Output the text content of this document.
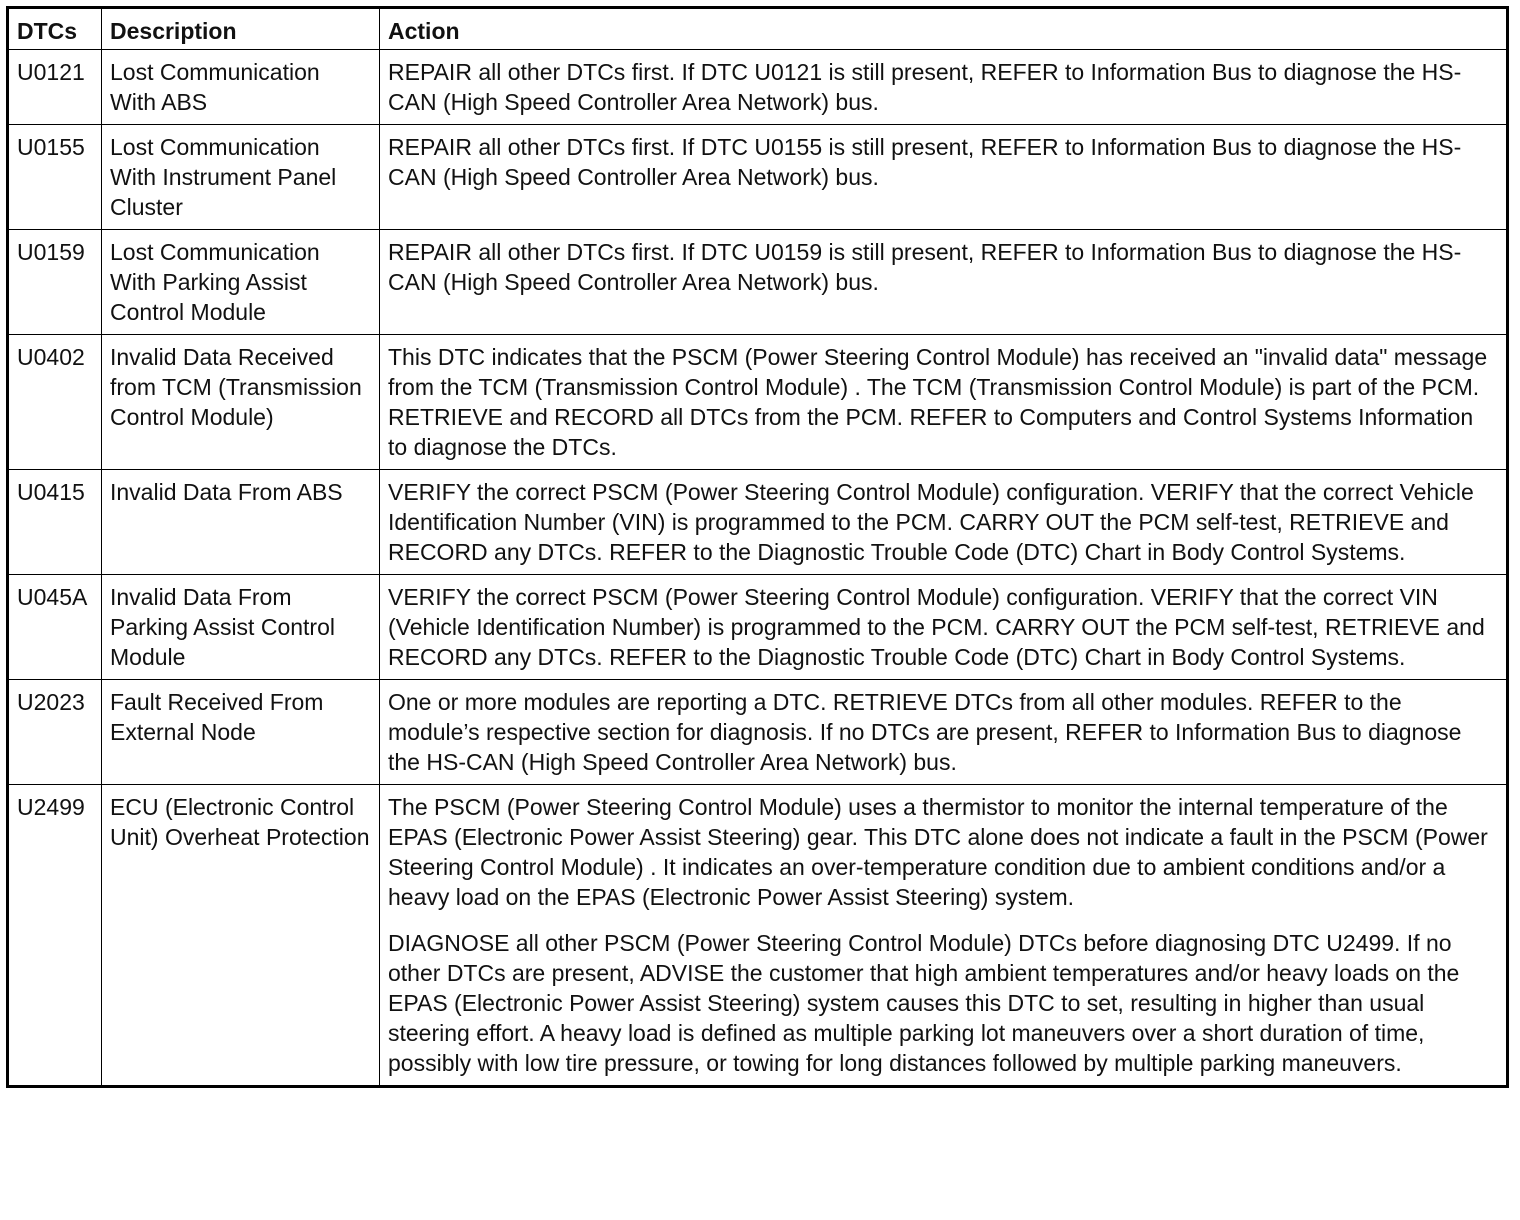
DTCs	Description	Action
U0121	Lost Communication With ABS	REPAIR all other DTCs first. If DTC U0121 is still present, REFER to Information Bus to diagnose the HS-CAN (High Speed Controller Area Network) bus.

U0155	Lost Communication With Instrument Panel Cluster	REPAIR all other DTCs first. If DTC U0155 is still present, REFER to Information Bus to diagnose the HS-CAN (High Speed Controller Area Network) bus.

U0159	Lost Communication With Parking Assist Control Module	REPAIR all other DTCs first. If DTC U0159 is still present, REFER to Information Bus to diagnose the HS-CAN (High Speed Controller Area Network) bus.

U0402	Invalid Data Received from TCM (Transmission Control Module)	This DTC indicates that the PSCM (Power Steering Control Module) has received an "invalid data" message from the TCM (Transmission Control Module) . The TCM (Transmission Control Module) is part of the PCM. RETRIEVE and RECORD all DTCs from the PCM. REFER to Computers and Control Systems Information to diagnose the DTCs.

U0415	Invalid Data From ABS	VERIFY the correct PSCM (Power Steering Control Module) configuration. VERIFY that the correct Vehicle Identification Number (VIN) is programmed to the PCM. CARRY OUT the PCM self-test, RETRIEVE and RECORD any DTCs. REFER to the Diagnostic Trouble Code (DTC) Chart in Body Control Systems.

U045A	Invalid Data From Parking Assist Control Module	VERIFY the correct PSCM (Power Steering Control Module) configuration. VERIFY that the correct VIN (Vehicle Identification Number) is programmed to the PCM. CARRY OUT the PCM self-test, RETRIEVE and RECORD any DTCs. REFER to the Diagnostic Trouble Code (DTC) Chart in Body Control Systems.

U2023	Fault Received From External Node	One or more modules are reporting a DTC. RETRIEVE DTCs from all other modules. REFER to the module’s respective section for diagnosis. If no DTCs are present, REFER to Information Bus to diagnose the HS-CAN (High Speed Controller Area Network) bus.

U2499	ECU (Electronic Control Unit) Overheat Protection	The PSCM (Power Steering Control Module) uses a thermistor to monitor the internal temperature of the EPAS (Electronic Power Assist Steering) gear. This DTC alone does not indicate a fault in the PSCM (Power Steering Control Module) . It indicates an over-temperature condition due to ambient conditions and/or a heavy load on the EPAS (Electronic Power Assist Steering) system.
DIAGNOSE all other PSCM (Power Steering Control Module) DTCs before diagnosing DTC U2499. If no other DTCs are present, ADVISE the customer that high ambient temperatures and/or heavy loads on the EPAS (Electronic Power Assist Steering) system causes this DTC to set, resulting in higher than usual steering effort. A heavy load is defined as multiple parking lot maneuvers over a short duration of time, possibly with low tire pressure, or towing for long distances followed by multiple parking maneuvers.
